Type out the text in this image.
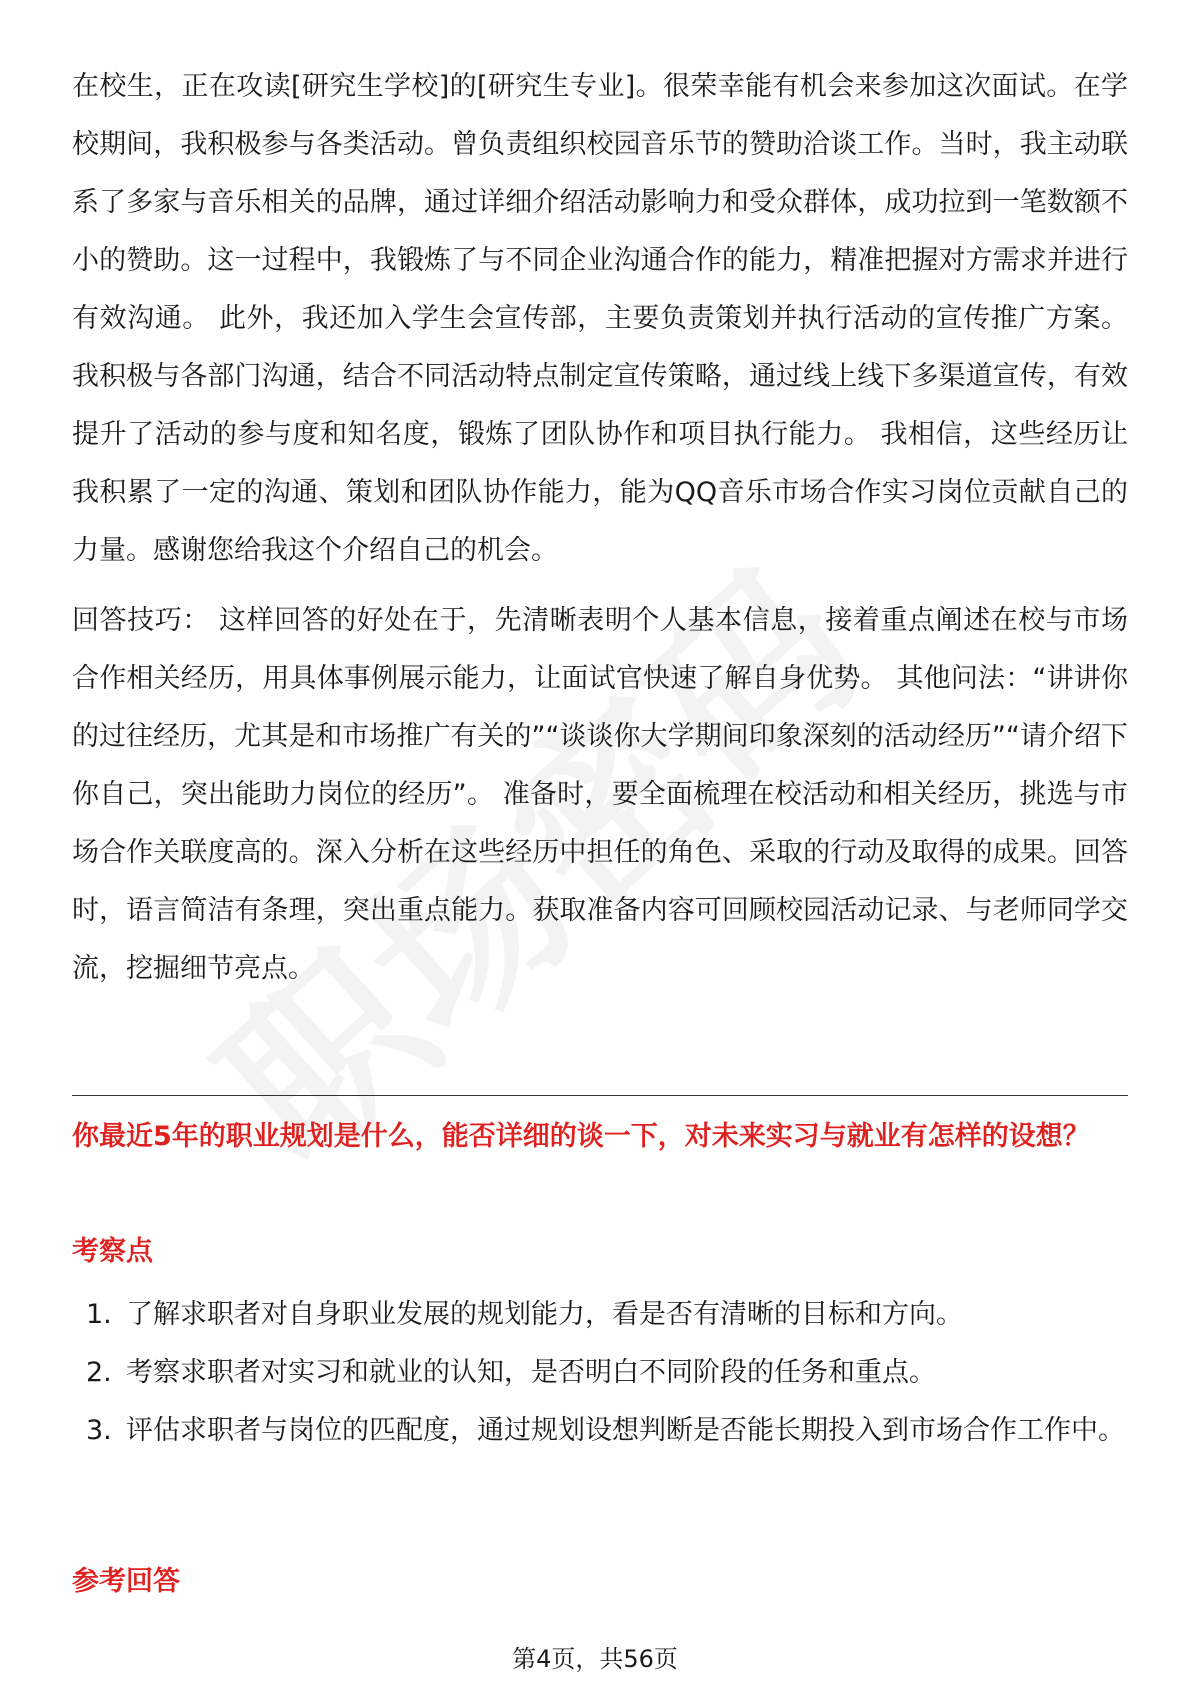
在校生，正在攻读[研究生学校]的[研究生专业]。很荣幸能有机会来参加这次面试。在学校期间，我积极参与各类活动。曾负责组织校园音乐节的赞助洽谈工作。当时，我主动联系了多家与音乐相关的品牌，通过详细介绍活动影响力和受众群体，成功拉到一笔数额不小的赞助。这一过程中，我锻炼了与不同企业沟通合作的能力，精准把握对方需求并进行有效沟通。 此外，我还加入学生会宣传部，主要负责策划并执行活动的宣传推广方案。我积极与各部门沟通，结合不同活动特点制定宣传策略，通过线上线下多渠道宣传，有效提升了活动的参与度和知名度，锻炼了团队协作和项目执行能力。 我相信，这些经历让我积累了一定的沟通、策划和团队协作能力，能为QQ音乐市场合作实习岗位贡献自己的力量。感谢您给我这个介绍自己的机会。

回答技巧： 这样回答的好处在于，先清晰表明个人基本信息，接着重点阐述在校与市场合作相关经历，用具体事例展示能力，让面试官快速了解自身优势。 其他问法：“讲讲你的过往经历，尤其是和市场推广有关的”“谈谈你大学期间印象深刻的活动经历”“请介绍下你自己，突出能助力岗位的经历”。 准备时，要全面梳理在校活动和相关经历，挑选与市场合作关联度高的。深入分析在这些经历中担任的角色、采取的行动及取得的成果。回答时，语言简洁有条理，突出重点能力。获取准备内容可回顾校园活动记录、与老师同学交流，挖掘细节亮点。

你最近5年的职业规划是什么，能否详细的谈一下，对未来实习与就业有怎样的设想？

考察点

1. 了解求职者对自身职业发展的规划能力，看是否有清晰的目标和方向。
2. 考察求职者对实习和就业的认知，是否明白不同阶段的任务和重点。
3. 评估求职者与岗位的匹配度，通过规划设想判断是否能长期投入到市场合作工作中。

参考回答

第4页，共56页
